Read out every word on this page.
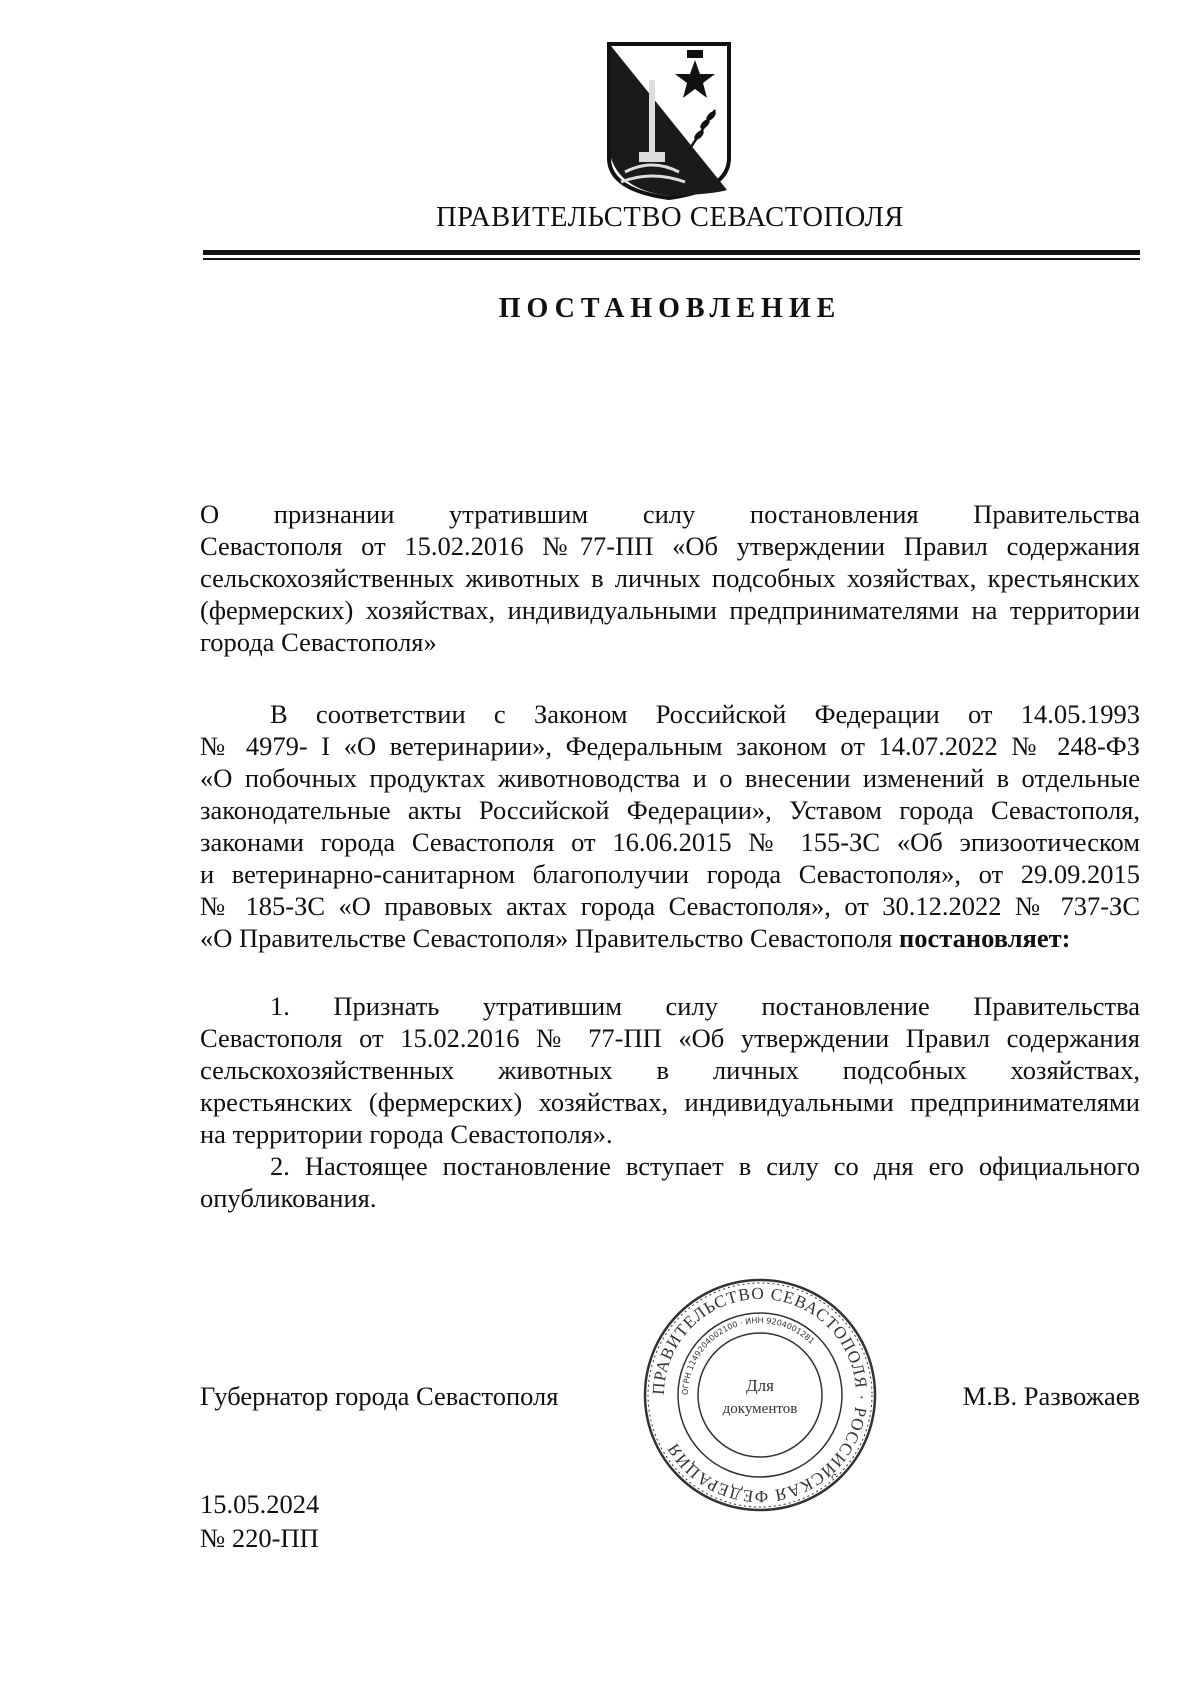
ПРАВИТЕЛЬСТВО СЕВАСТОПОЛЯ
ПОСТАНОВЛЕНИЕ
О признании утратившим силу постановления Правительства
Севастополя от 15.02.2016 №77-ПП «Об утверждении Правил содержания
сельскохозяйственных животных в личных подсобных хозяйствах, крестьянских
(фермерских) хозяйствах, индивидуальными предпринимателями на территории
города Севастополя»
В соответствии с Законом Российской Федерации от 14.05.1993
№ 4979- I «О ветеринарии», Федеральным законом от 14.07.2022 № 248-ФЗ
«О побочных продуктах животноводства и о внесении изменений в отдельные
законодательные акты Российской Федерации», Уставом города Севастополя,
законами города Севастополя от 16.06.2015 № 155-ЗС «Об эпизоотическом
и ветеринарно-санитарном благополучии города Севастополя», от 29.09.2015
№ 185-ЗС «О правовых актах города Севастополя», от 30.12.2022 № 737-ЗС
«О Правительстве Севастополя» Правительство Севастополя постановляет:
1. Признать утратившим силу постановление Правительства
Севастополя от 15.02.2016 № 77-ПП «Об утверждении Правил содержания
сельскохозяйственных животных в личных подсобных хозяйствах,
крестьянских (фермерских) хозяйствах, индивидуальными предпринимателями
на территории города Севастополя».
2. Настоящее постановление вступает в силу со дня его официального
опубликования.
Губернатор города Севастополя	ПРАВИТЕЛЬСТВО СЕВАСТОПОЛЯ · РОССИЙСКАЯ ФЕДЕРАЦИЯ
ОГРН 1149204002100 · ИНН 9204001281
Для
документов	М.В. Развожаев
15.05.2024
№ 220-ПП
